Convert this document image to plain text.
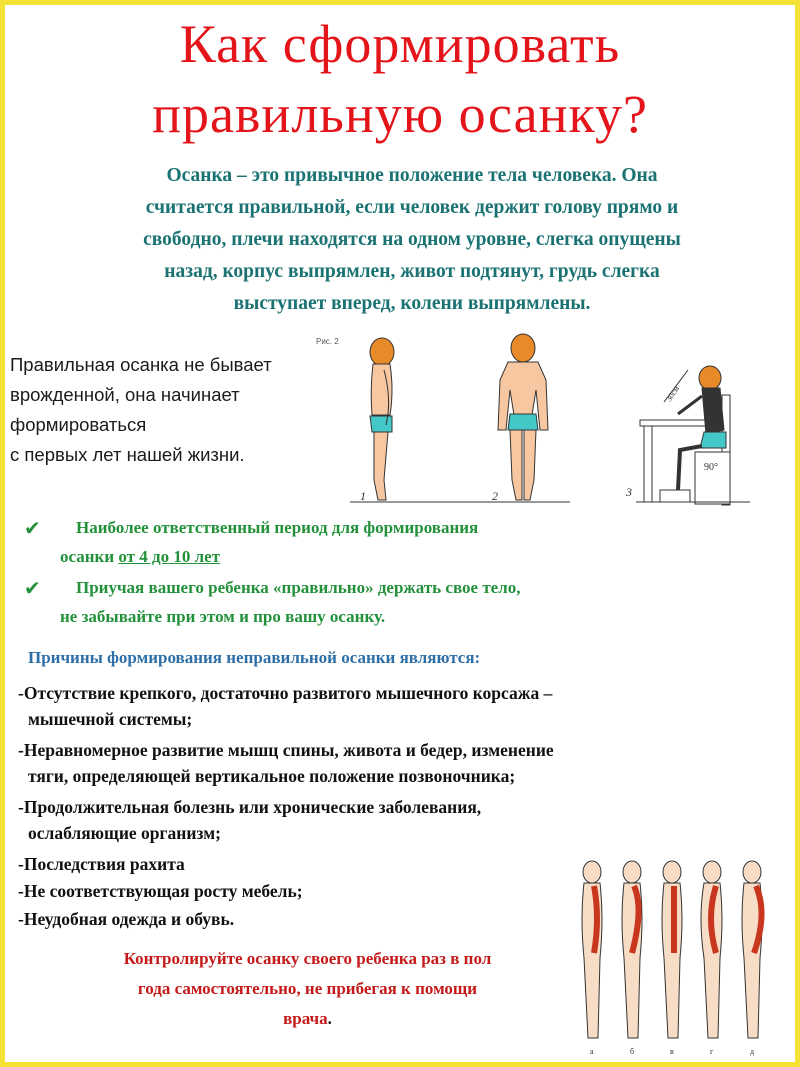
Как сформировать
правильную осанку?
Осанка – это привычное положение тела человека. Она
считается правильной, если человек держит голову прямо и
свободно, плечи находятся на одном уровне, слегка опущены
назад, корпус выпрямлен, живот подтянут, грудь слегка
выступает вперед, колени выпрямлены.
Правильная осанка не бывает
врожденной, она начинает
формироваться
с первых лет нашей жизни.
Рис. 2
1	2
30см
90°
3
✔ Наиболее ответственный период для формирования
осанки от 4 до 10 лет
✔ Приучая вашего ребенка «правильно» держать свое тело,
не забывайте при этом и про вашу осанку.
Причины формирования неправильной осанки являются:
-Отсутствие крепкого, достаточно развитого мышечного корсажа –
мышечной системы;
-Неравномерное развитие мышц спины, живота и бедер, изменение
тяги, определяющей вертикальное положение позвоночника;
-Продолжительная болезнь или хронические заболевания,
ослабляющие организм;
-Последствия рахита
-Не соответствующая росту мебель;
-Неудобная одежда и обувь.
Контролируйте осанку своего ребенка раз в пол
года самостоятельно, не прибегая к помощи
врача.
а	б	в	г	д
